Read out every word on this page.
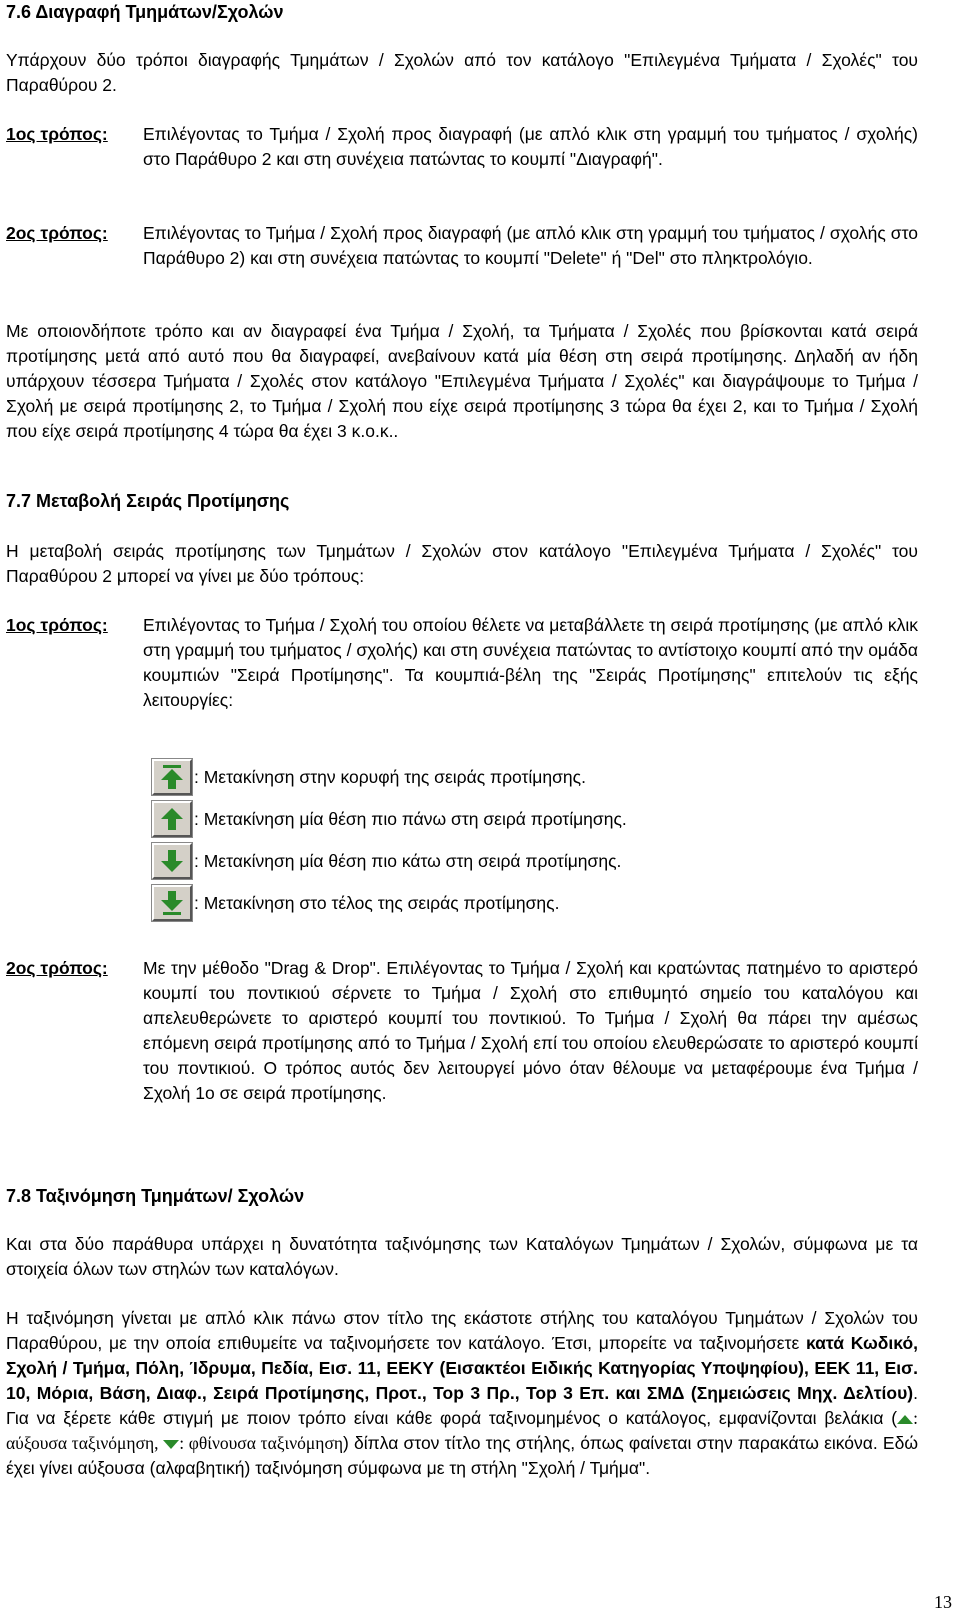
7.6 Διαγραφή Τμημάτων/Σχολών

Υπάρχουν δύο τρόποι διαγραφής Τμημάτων / Σχολών από τον κατάλογο "Επιλεγμένα Τμήματα / Σχολές" του Παραθύρου 2.

1ος τρόπος: Επιλέγοντας το Τμήμα / Σχολή προς διαγραφή (με απλό κλικ στη γραμμή του τμήματος / σχολής) στο Παράθυρο 2 και στη συνέχεια πατώντας το κουμπί "Διαγραφή".
2ος τρόπος: Επιλέγοντας το Τμήμα / Σχολή προς διαγραφή (με απλό κλικ στη γραμμή του τμήματος / σχολής στο Παράθυρο 2) και στη συνέχεια πατώντας το κουμπί "Delete" ή "Del" στο πληκτρολόγιο.

Με οποιονδήποτε τρόπο και αν διαγραφεί ένα Τμήμα / Σχολή, τα Τμήματα / Σχολές που βρίσκονται κατά σειρά προτίμησης μετά από αυτό που θα διαγραφεί, ανεβαίνουν κατά μία θέση στη σειρά προτίμησης. Δηλαδή αν ήδη υπάρχουν τέσσερα Τμήματα / Σχολές στον κατάλογο "Επιλεγμένα Τμήματα / Σχολές" και διαγράψουμε το Τμήμα / Σχολή με σειρά προτίμησης 2, το Τμήμα / Σχολή που είχε σειρά προτίμησης 3 τώρα θα έχει 2, και το Τμήμα / Σχολή που είχε σειρά προτίμησης 4 τώρα θα έχει 3 κ.ο.κ..

7.7 Μεταβολή Σειράς Προτίμησης

Η μεταβολή σειράς προτίμησης των Τμημάτων / Σχολών στον κατάλογο "Επιλεγμένα Τμήματα / Σχολές" του Παραθύρου 2 μπορεί να γίνει με δύο τρόπους:

1ος τρόπος: Επιλέγοντας το Τμήμα / Σχολή του οποίου θέλετε να μεταβάλλετε τη σειρά προτίμησης (με απλό κλικ στη γραμμή του τμήματος / σχολής) και στη συνέχεια πατώντας το αντίστοιχο κουμπί από την ομάδα κουμπιών "Σειρά Προτίμησης". Τα κουμπιά-βέλη της "Σειράς Προτίμησης" επιτελούν τις εξής λειτουργίες:
: Μετακίνηση στην κορυφή της σειράς προτίμησης.
: Μετακίνηση μία θέση πιο πάνω στη σειρά προτίμησης.
: Μετακίνηση μία θέση πιο κάτω στη σειρά προτίμησης.
: Μετακίνηση στο τέλος της σειράς προτίμησης.
2ος τρόπος: Με την μέθοδο "Drag & Drop". Επιλέγοντας το Τμήμα / Σχολή και κρατώντας πατημένο το αριστερό κουμπί του ποντικιού σέρνετε το Τμήμα / Σχολή στο επιθυμητό σημείο του καταλόγου και απελευθερώνετε το αριστερό κουμπί του ποντικιού. Το Τμήμα / Σχολή θα πάρει την αμέσως επόμενη σειρά προτίμησης από το Τμήμα / Σχολή επί του οποίου ελευθερώσατε το αριστερό κουμπί του ποντικιού. Ο τρόπος αυτός δεν λειτουργεί μόνο όταν θέλουμε να μεταφέρουμε ένα Τμήμα / Σχολή 1ο σε σειρά προτίμησης.
7.8 Ταξινόμηση Τμημάτων/ Σχολών

Και στα δύο παράθυρα υπάρχει η δυνατότητα ταξινόμησης των Καταλόγων Τμημάτων / Σχολών, σύμφωνα με τα στοιχεία όλων των στηλών των καταλόγων.

Η ταξινόμηση γίνεται με απλό κλικ πάνω στον τίτλο της εκάστοτε στήλης του καταλόγου Τμημάτων / Σχολών του Παραθύρου, με την οποία επιθυμείτε να ταξινομήσετε τον κατάλογο. Έτσι, μπορείτε να ταξινομήσετε κατά Κωδικό, Σχολή / Τμήμα, Πόλη, Ίδρυμα, Πεδία, Εισ. 11, ΕΕΚΥ (Εισακτέοι Ειδικής Κατηγορίας Υποψηφίου), ΕΕΚ 11, Εισ. 10, Μόρια, Βάση, Διαφ., Σειρά Προτίμησης, Προτ., Top 3 Πρ., Top 3 Επ. και ΣΜΔ (Σημειώσεις Μηχ. Δελτίου). Για να ξέρετε κάθε στιγμή με ποιον τρόπο είναι κάθε φορά ταξινομημένος ο κατάλογος, εμφανίζονται βελάκια ( : αύξουσα ταξινόμηση, : φθίνουσα ταξινόμηση) δίπλα στον τίτλο της στήλης, όπως φαίνεται στην παρακάτω εικόνα. Εδώ έχει γίνει αύξουσα (αλφαβητική) ταξινόμηση σύμφωνα με τη στήλη "Σχολή / Τμήμα".

13
